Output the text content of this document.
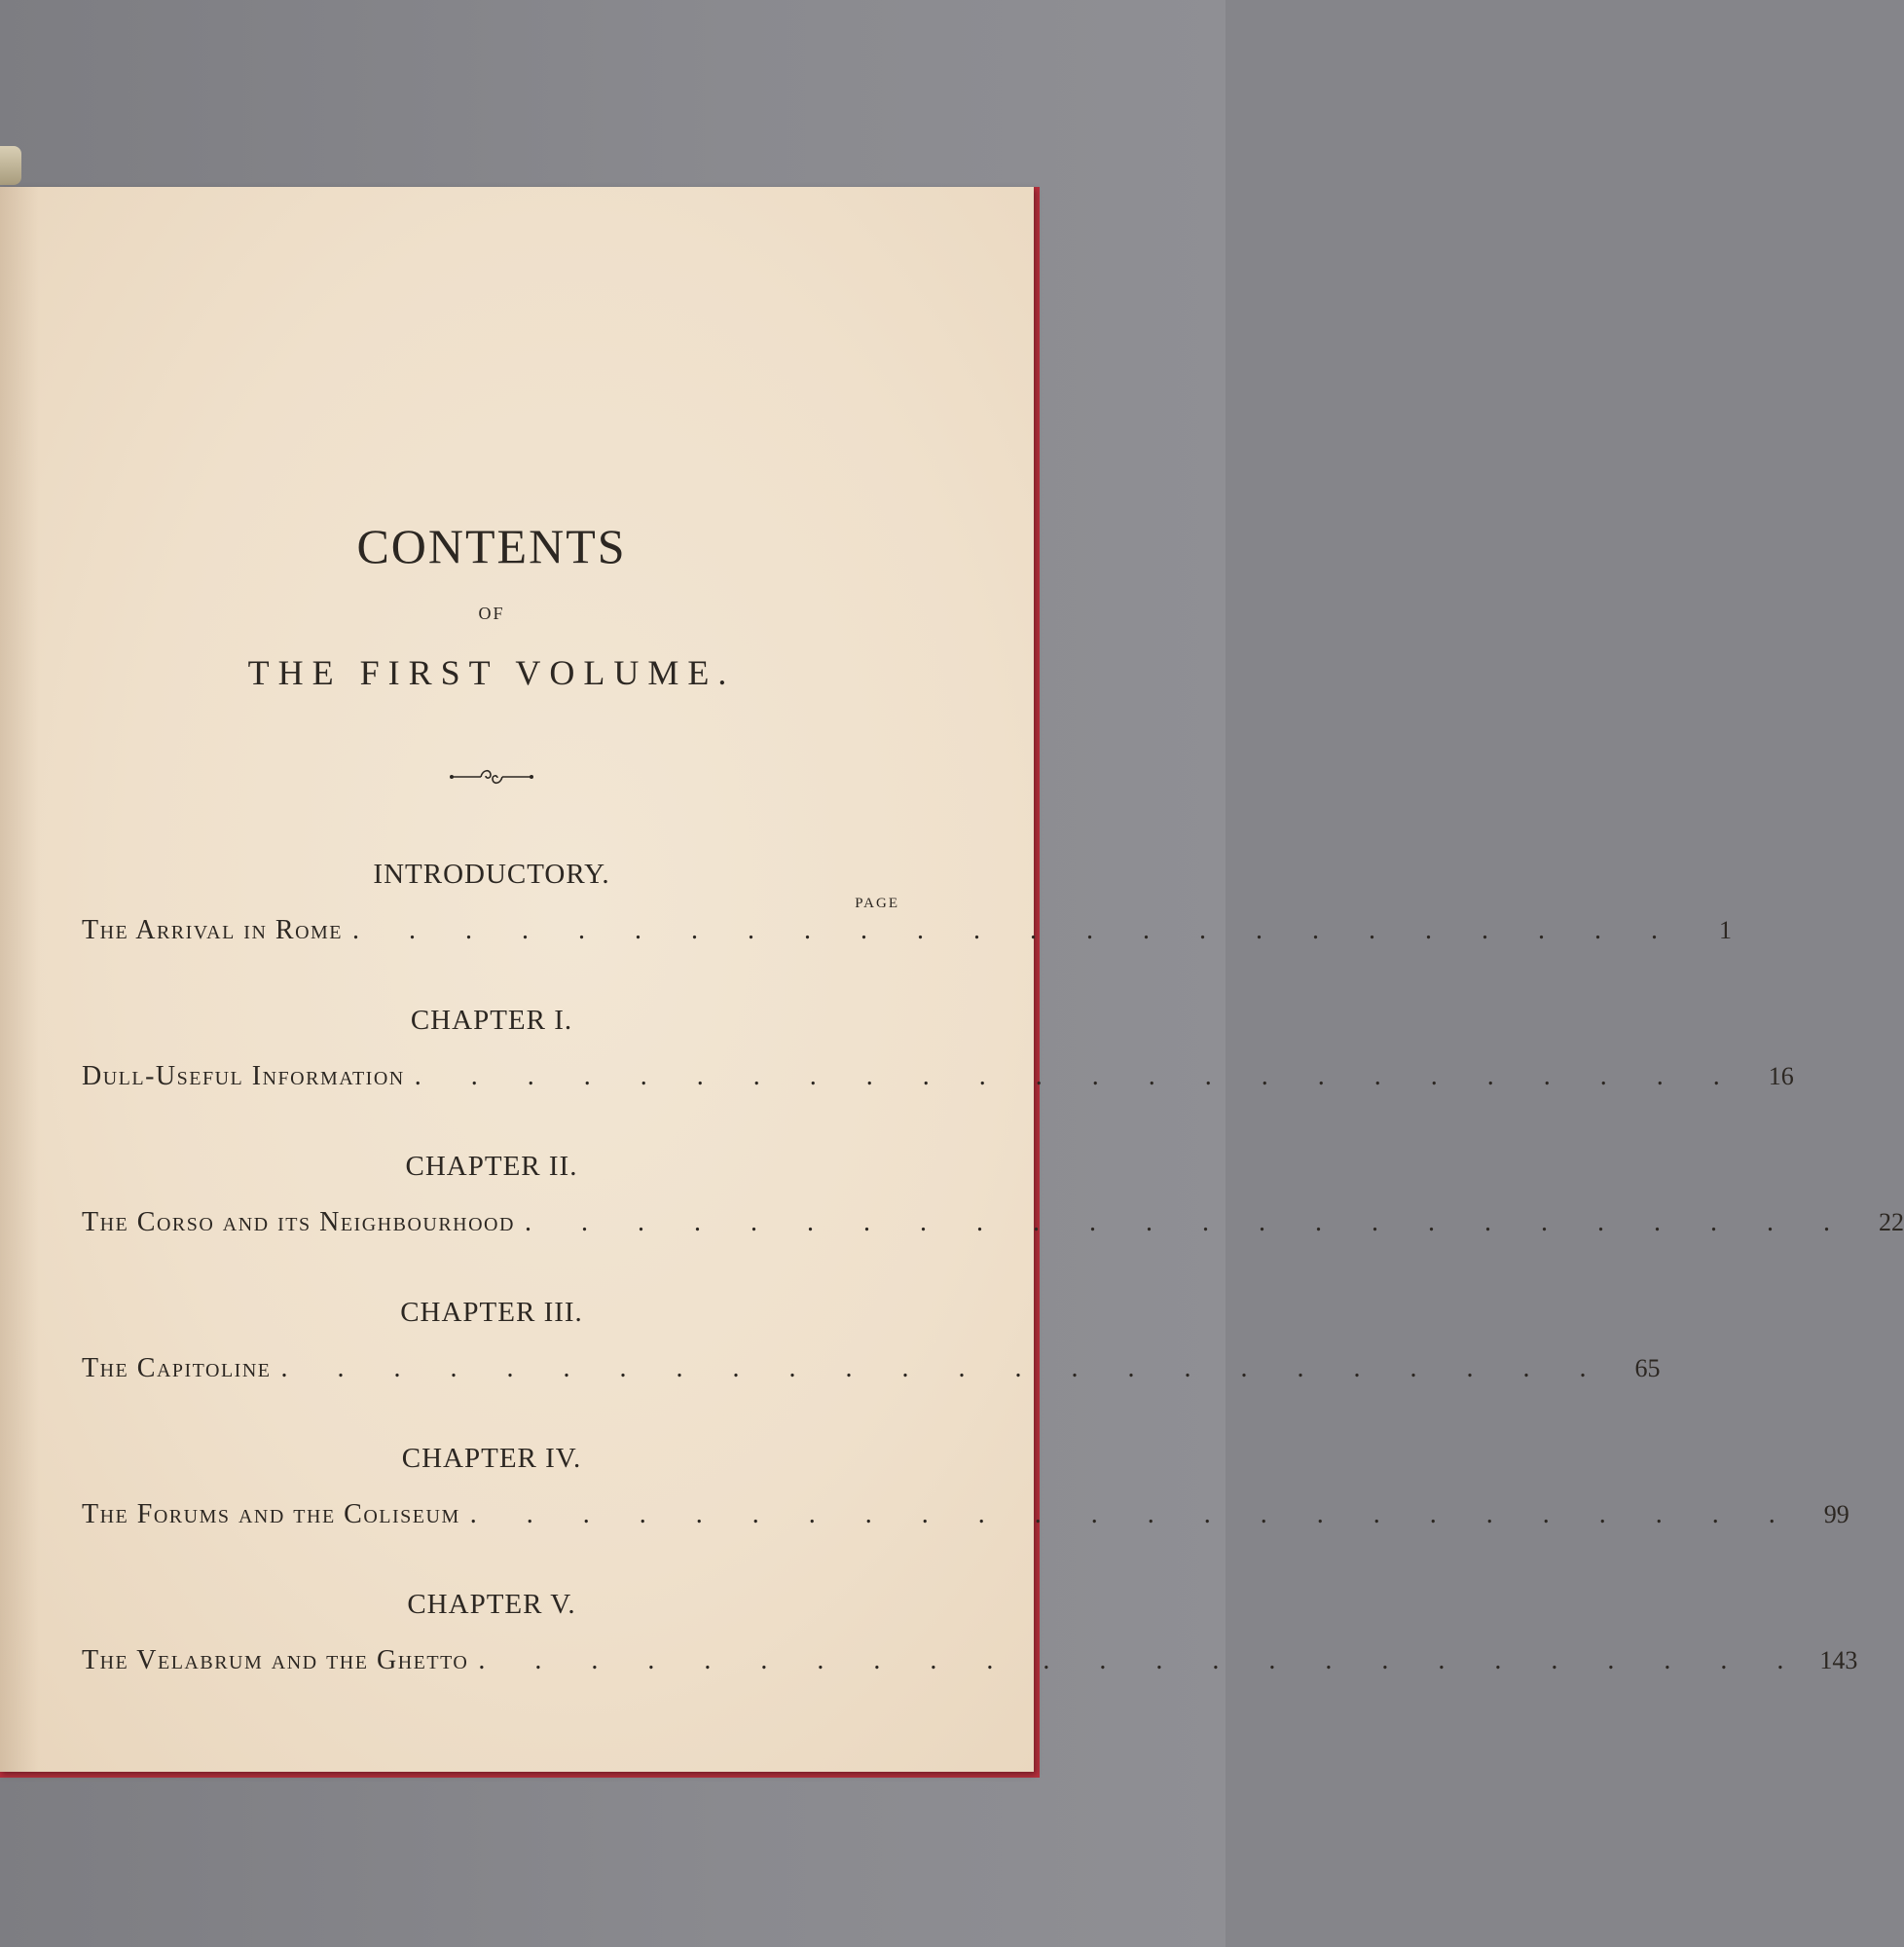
CONTENTS
OF
THE FIRST VOLUME.
PAGE
INTRODUCTORY.
The Arrival in Rome . . . . . . . . . . . . . . . . . . . . . . . .	1
CHAPTER I.
Dull-Useful Information . . . . . . . . . . . . . . . . . . . . . . . .	16
CHAPTER II.
The Corso and its Neighbourhood . . . . . . . . . . . . . . . . . . . . . . . .	22
CHAPTER III.
The Capitoline . . . . . . . . . . . . . . . . . . . . . . . .	65
CHAPTER IV.
The Forums and the Coliseum . . . . . . . . . . . . . . . . . . . . . . . .	99
CHAPTER V.
The Velabrum and the Ghetto . . . . . . . . . . . . . . . . . . . . . . . . 143
